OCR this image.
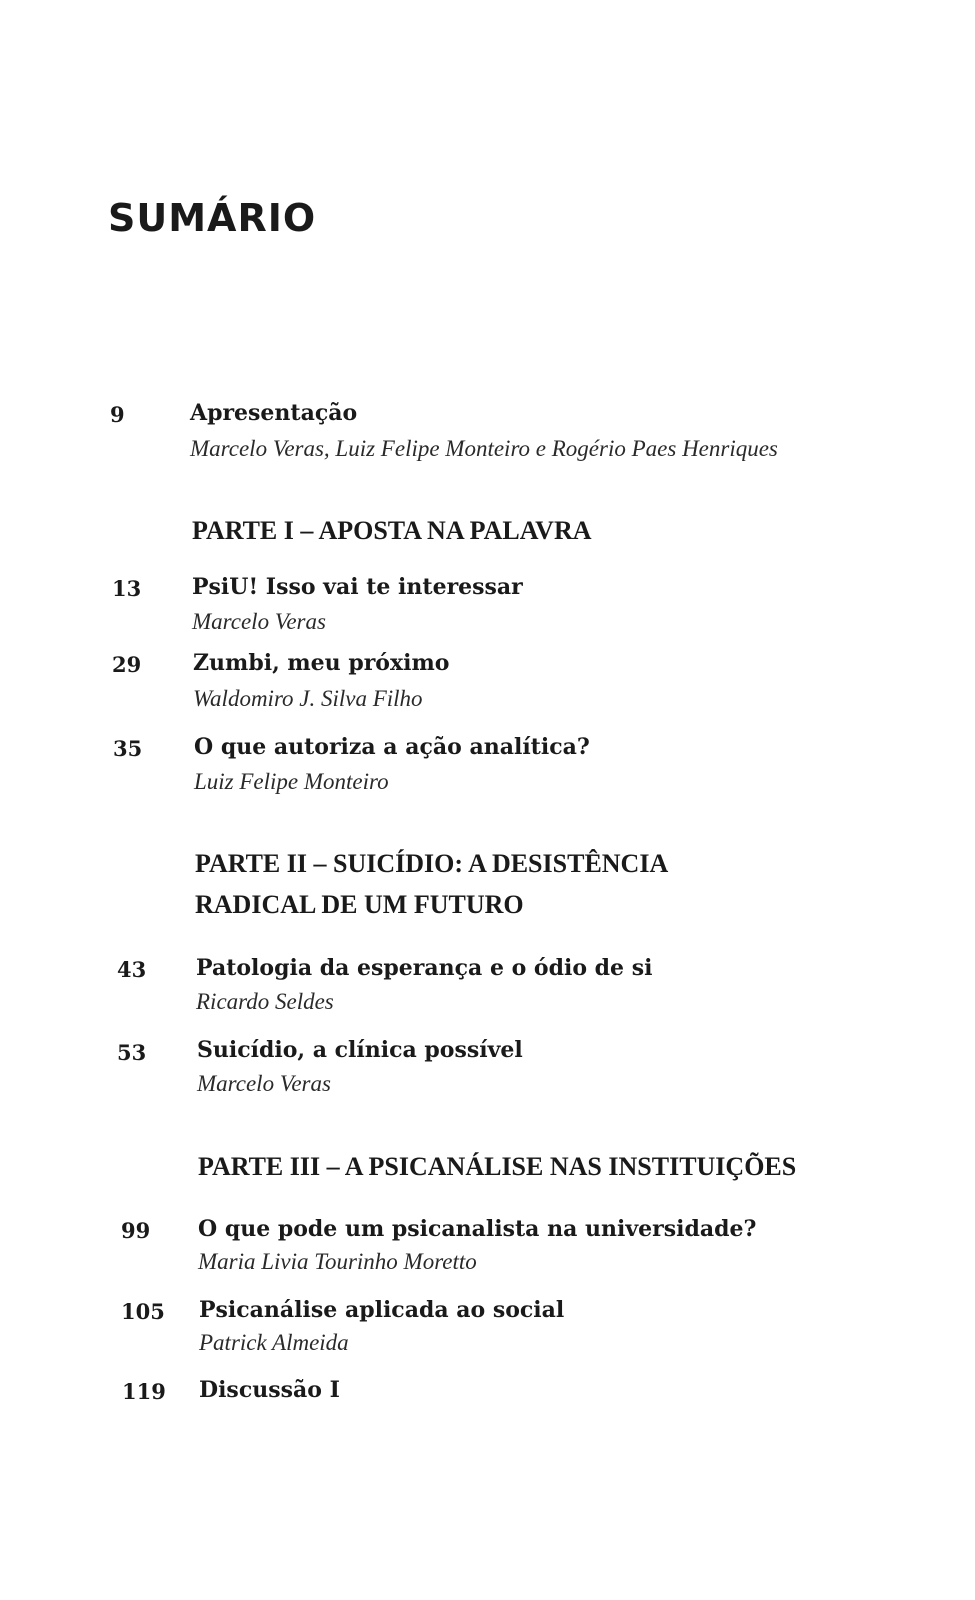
SUMÁRIO
9	Apresentação
Marcelo Veras, Luiz Felipe Monteiro e Rogério Paes Henriques
PARTE I – APOSTA NA PALAVRA
13 PsiU! Isso vai te interessar
Marcelo Veras
29 Zumbi, meu próximo
Waldomiro J. Silva Filho
35 O que autoriza a ação analítica?
Luiz Felipe Monteiro
PARTE II – SUICÍDIO: A DESISTÊNCIA
RADICAL DE UM FUTURO
43 Patologia da esperança e o ódio de si
Ricardo Seldes
53 Suicídio, a clínica possível
Marcelo Veras
PARTE III – A PSICANÁLISE NAS INSTITUIÇÕES
99 O que pode um psicanalista na universidade?
Maria Livia Tourinho Moretto
105 Psicanálise aplicada ao social
Patrick Almeida
119 Discussão I
